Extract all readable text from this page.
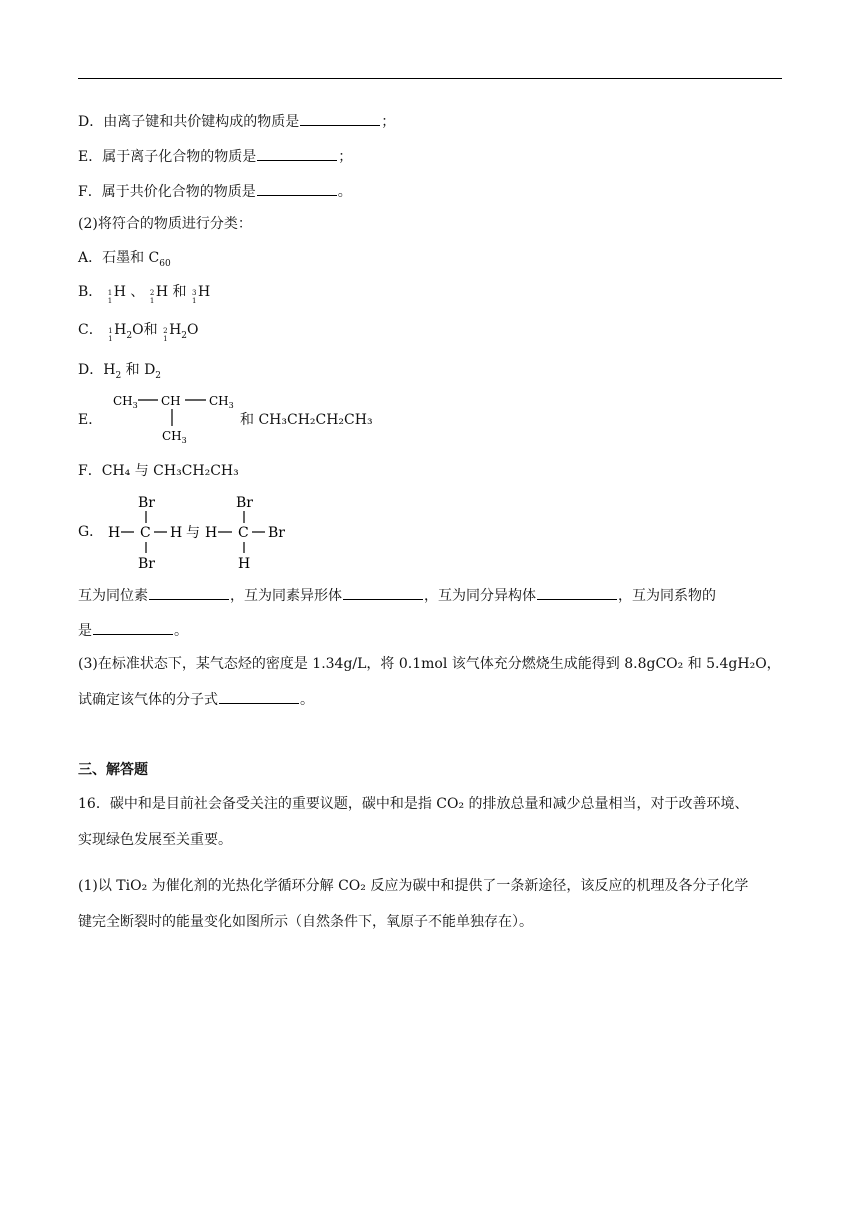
D．由离子键和共价键构成的物质是	；
E．属于离子化合物的物质是	；
F．属于共价化合物的物质是	。
(2)将符合的物质进行分类：
A．石墨和 $C_{60}$
B． 1
1
H 、 2
1
H 和 3
1
H
C． 1
1
$H_2O$和 2
1
$H_2O$
D．$H_2$ 和 $D_2$
E．
$CH_3$ CH $CH_3$
$CH_3$
和 CH₃CH₂CH₂CH₃
F．CH₄ 与 CH₃CH₂CH₃
G．
Br
H C H
Br
与
Br
H C Br
H
互为同位素	，互为同素异形体	，互为同分异构体	，互为同系物的
是	。
(3)在标准状态下，某气态烃的密度是 1.34g/L，将 0.1mol 该气体充分燃烧生成能得到 8.8gCO₂ 和 5.4gH₂O，
试确定该气体的分子式	。
三、解答题
16．碳中和是目前社会备受关注的重要议题，碳中和是指 CO₂ 的排放总量和减少总量相当，对于改善环境、
实现绿色发展至关重要。
(1)以 TiO₂ 为催化剂的光热化学循环分解 CO₂ 反应为碳中和提供了一条新途径，该反应的机理及各分子化学
键完全断裂时的能量变化如图所示（自然条件下，氧原子不能单独存在）。
